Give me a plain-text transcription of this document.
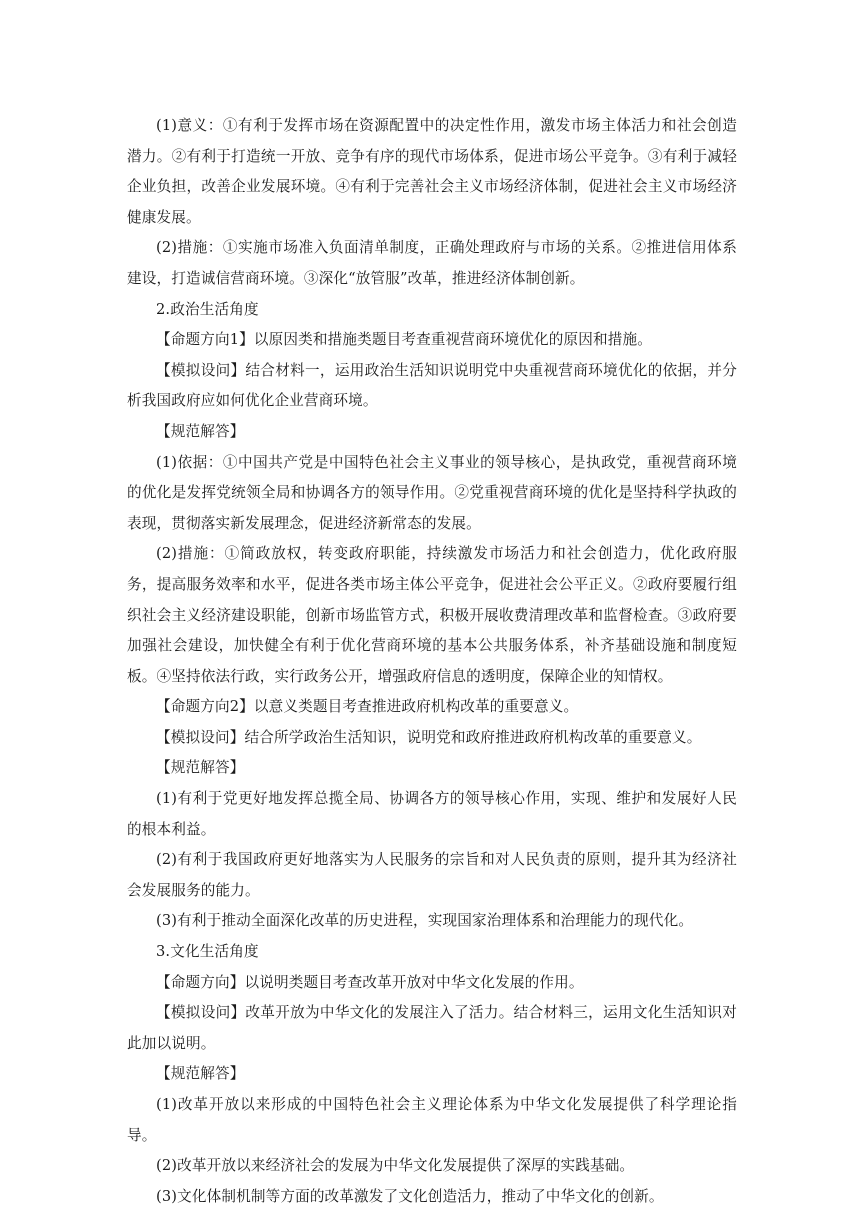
(1)意义：①有利于发挥市场在资源配置中的决定性作用，激发市场主体活力和社会创造潜力。②有利于打造统一开放、竞争有序的现代市场体系，促进市场公平竞争。③有利于减轻企业负担，改善企业发展环境。④有利于完善社会主义市场经济体制，促进社会主义市场经济健康发展。

(2)措施：①实施市场准入负面清单制度，正确处理政府与市场的关系。②推进信用体系建设，打造诚信营商环境。③深化“放管服”改革，推进经济体制创新。

2.政治生活角度

【命题方向1】以原因类和措施类题目考查重视营商环境优化的原因和措施。

【模拟设问】结合材料一，运用政治生活知识说明党中央重视营商环境优化的依据，并分析我国政府应如何优化企业营商环境。

【规范解答】

(1)依据：①中国共产党是中国特色社会主义事业的领导核心，是执政党，重视营商环境的优化是发挥党统领全局和协调各方的领导作用。②党重视营商环境的优化是坚持科学执政的表现，贯彻落实新发展理念，促进经济新常态的发展。

(2)措施：①简政放权，转变政府职能，持续激发市场活力和社会创造力，优化政府服务，提高服务效率和水平，促进各类市场主体公平竞争，促进社会公平正义。②政府要履行组织社会主义经济建设职能，创新市场监管方式，积极开展收费清理改革和监督检查。③政府要加强社会建设，加快健全有利于优化营商环境的基本公共服务体系，补齐基础设施和制度短板。④坚持依法行政，实行政务公开，增强政府信息的透明度，保障企业的知情权。

【命题方向2】以意义类题目考查推进政府机构改革的重要意义。

【模拟设问】结合所学政治生活知识，说明党和政府推进政府机构改革的重要意义。

【规范解答】

(1)有利于党更好地发挥总揽全局、协调各方的领导核心作用，实现、维护和发展好人民的根本利益。

(2)有利于我国政府更好地落实为人民服务的宗旨和对人民负责的原则，提升其为经济社会发展服务的能力。

(3)有利于推动全面深化改革的历史进程，实现国家治理体系和治理能力的现代化。

3.文化生活角度

【命题方向】以说明类题目考查改革开放对中华文化发展的作用。

【模拟设问】改革开放为中华文化的发展注入了活力。结合材料三，运用文化生活知识对此加以说明。

【规范解答】

(1)改革开放以来形成的中国特色社会主义理论体系为中华文化发展提供了科学理论指导。

(2)改革开放以来经济社会的发展为中华文化发展提供了深厚的实践基础。

(3)文化体制机制等方面的改革激发了文化创造活力，推动了中华文化的创新。
